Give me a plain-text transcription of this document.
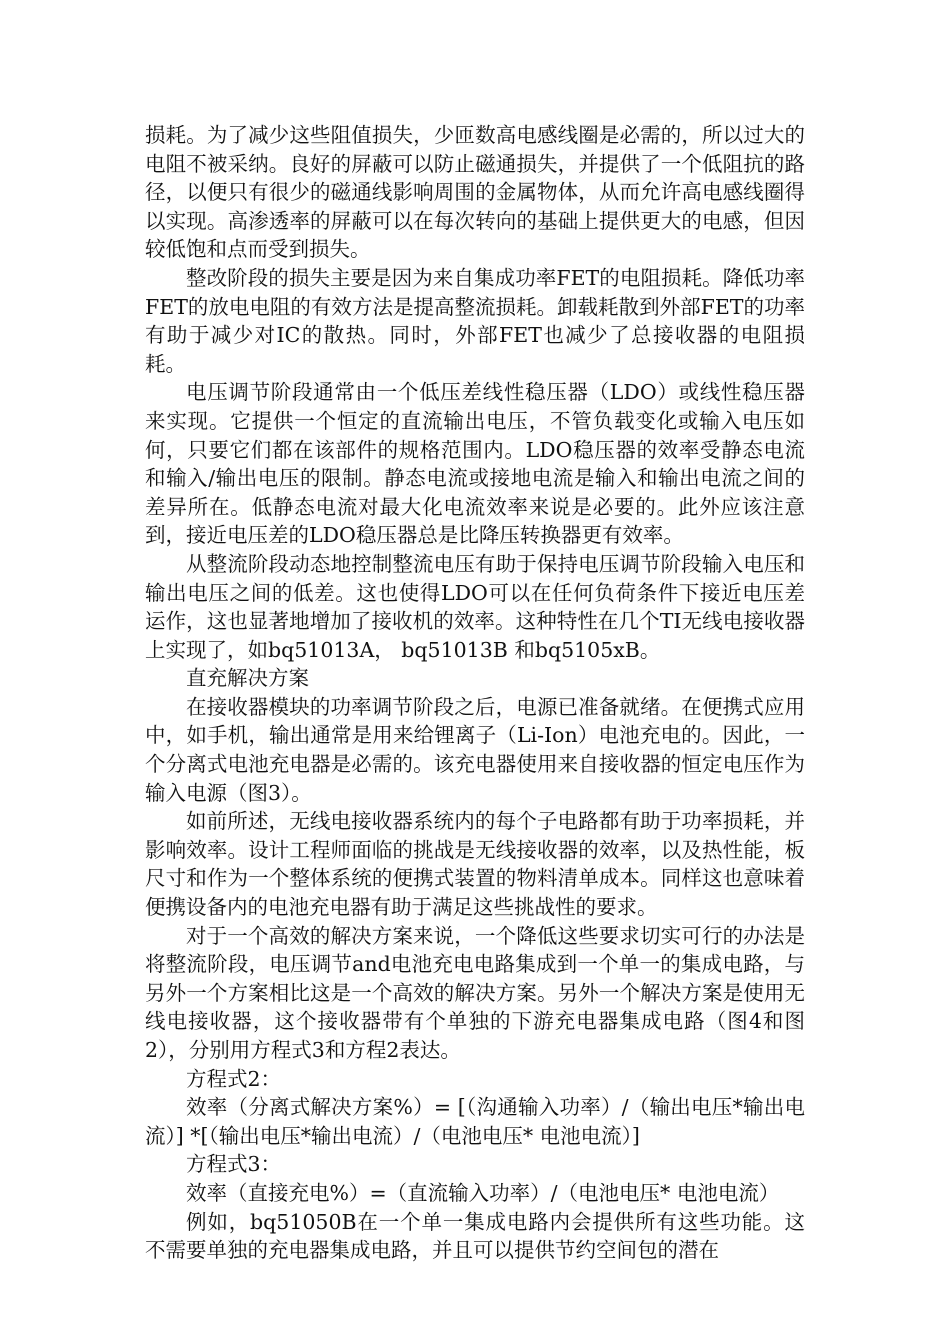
损耗。为了减少这些阻值损失，少匝数高电感线圈是必需的，所以过大的电阻不被采纳。良好的屏蔽可以防止磁通损失，并提供了一个低阻抗的路径，以便只有很少的磁通线影响周围的金属物体，从而允许高电感线圈得以实现。高渗透率的屏蔽可以在每次转向的基础上提供更大的电感，但因较低饱和点而受到损失。

整改阶段的损失主要是因为来自集成功率FET的电阻损耗。降低功率FET的放电电阻的有效方法是提高整流损耗。卸载耗散到外部FET的功率有助于减少对IC的散热。同时，外部FET也减少了总接收器的电阻损耗。

电压调节阶段通常由一个低压差线性稳压器（LDO）或线性稳压器来实现。它提供一个恒定的直流输出电压，不管负载变化或输入电压如何，只要它们都在该部件的规格范围内。LDO稳压器的效率受静态电流和输入/输出电压的限制。静态电流或接地电流是输入和输出电流之间的差异所在。低静态电流对最大化电流效率来说是必要的。此外应该注意到，接近电压差的LDO稳压器总是比降压转换器更有效率。

从整流阶段动态地控制整流电压有助于保持电压调节阶段输入电压和输出电压之间的低差。这也使得LDO可以在任何负荷条件下接近电压差运作，这也显著地增加了接收机的效率。这种特性在几个TI无线电接收器上实现了，如bq51013A， bq51013B 和bq5105xB。

直充解决方案

在接收器模块的功率调节阶段之后，电源已准备就绪。在便携式应用中，如手机，输出通常是用来给锂离子（Li-Ion）电池充电的。因此，一个分离式电池充电器是必需的。该充电器使用来自接收器的恒定电压作为输入电源（图3）。

如前所述，无线电接收器系统内的每个子电路都有助于功率损耗，并影响效率。设计工程师面临的挑战是无线接收器的效率，以及热性能，板尺寸和作为一个整体系统的便携式装置的物料清单成本。同样这也意味着便携设备内的电池充电器有助于满足这些挑战性的要求。

对于一个高效的解决方案来说，一个降低这些要求切实可行的办法是将整流阶段，电压调节and电池充电电路集成到一个单一的集成电路，与另外一个方案相比这是一个高效的解决方案。另外一个解决方案是使用无线电接收器，这个接收器带有个单独的下游充电器集成电路（图4和图2），分别用方程式3和方程2表达。

方程式2：

效率（分离式解决方案%）= [（沟通输入功率）/（输出电压*输出电流）] *[（输出电压*输出电流）/（电池电压* 电池电流）]

方程式3：

效率（直接充电%）=（直流输入功率）/（电池电压* 电池电流）

例如，bq51050B在一个单一集成电路内会提供所有这些功能。这不需要单独的充电器集成电路，并且可以提供节约空间包的潜在
